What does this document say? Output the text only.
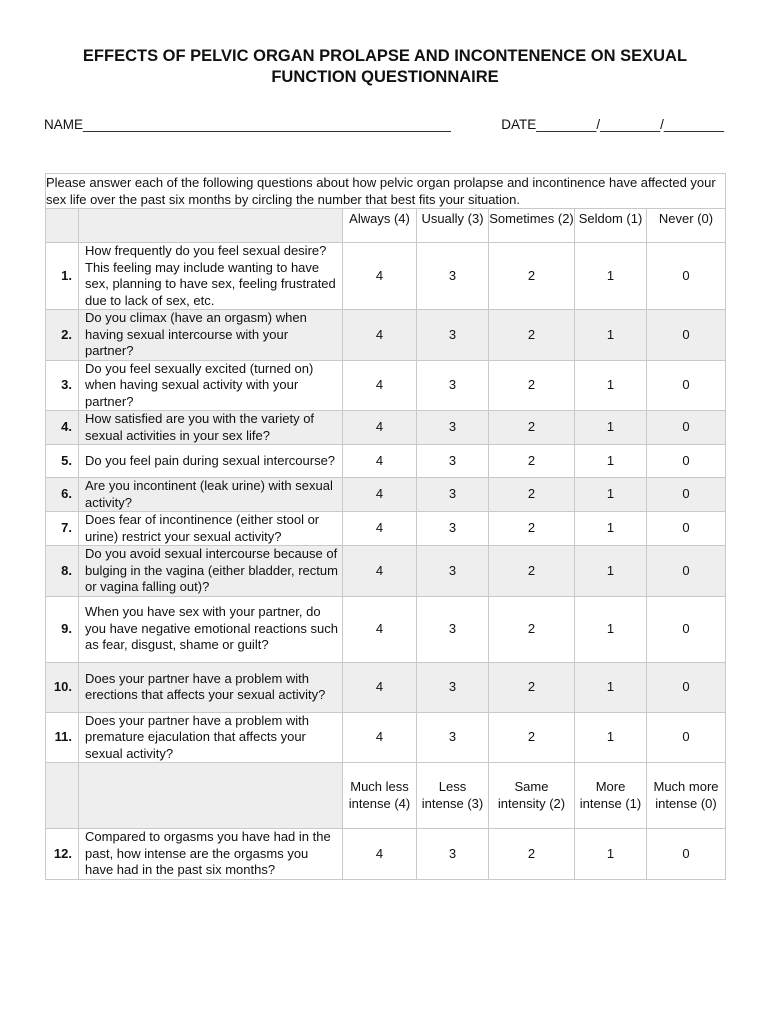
EFFECTS OF PELVIC ORGAN PROLAPSE AND INCONTENENCE ON SEXUAL
FUNCTION QUESTIONNAIRE
NAME_________________________________________________	DATE________/________/________
Please answer each of the following questions about how pelvic organ prolapse and incontinence have affected your sex life over the past six months by circling the number that best fits your situation.						
		Always (4)	Usually (3)	Sometimes (2)	Seldom (1)	Never (0)
1.	How frequently do you feel sexual desire? This feeling may include wanting to have sex, planning to have sex, feeling frustrated due to lack of sex, etc.	4	3	2	1	0
2.	Do you climax (have an orgasm) when having sexual intercourse with your partner?	4	3	2	1	0
3.	Do you feel sexually excited (turned on) when having sexual activity with your partner?	4	3	2	1	0
4.	How satisfied are you with the variety of sexual activities in your sex life?	4	3	2	1	0
5.	Do you feel pain during sexual intercourse?	4	3	2	1	0
6.	Are you incontinent (leak urine) with sexual activity?	4	3	2	1	0
7.	Does fear of incontinence (either stool or urine) restrict your sexual activity?	4	3	2	1	0
8.	Do you avoid sexual intercourse because of bulging in the vagina (either bladder, rectum or vagina falling out)?	4	3	2	1	0
9.	When you have sex with your partner, do you have negative emotional reactions such as fear, disgust, shame or guilt?	4	3	2	1	0
10.	Does your partner have a problem with erections that affects your sexual activity?	4	3	2	1	0
11.	Does your partner have a problem with premature ejaculation that affects your sexual activity?	4	3	2	1	0
		Much less intense (4)	Less intense (3)	Same intensity (2)	More intense (1)	Much more intense (0)
12.	Compared to orgasms you have had in the past, how intense are the orgasms you have had in the past six months?	4	3	2	1	0
